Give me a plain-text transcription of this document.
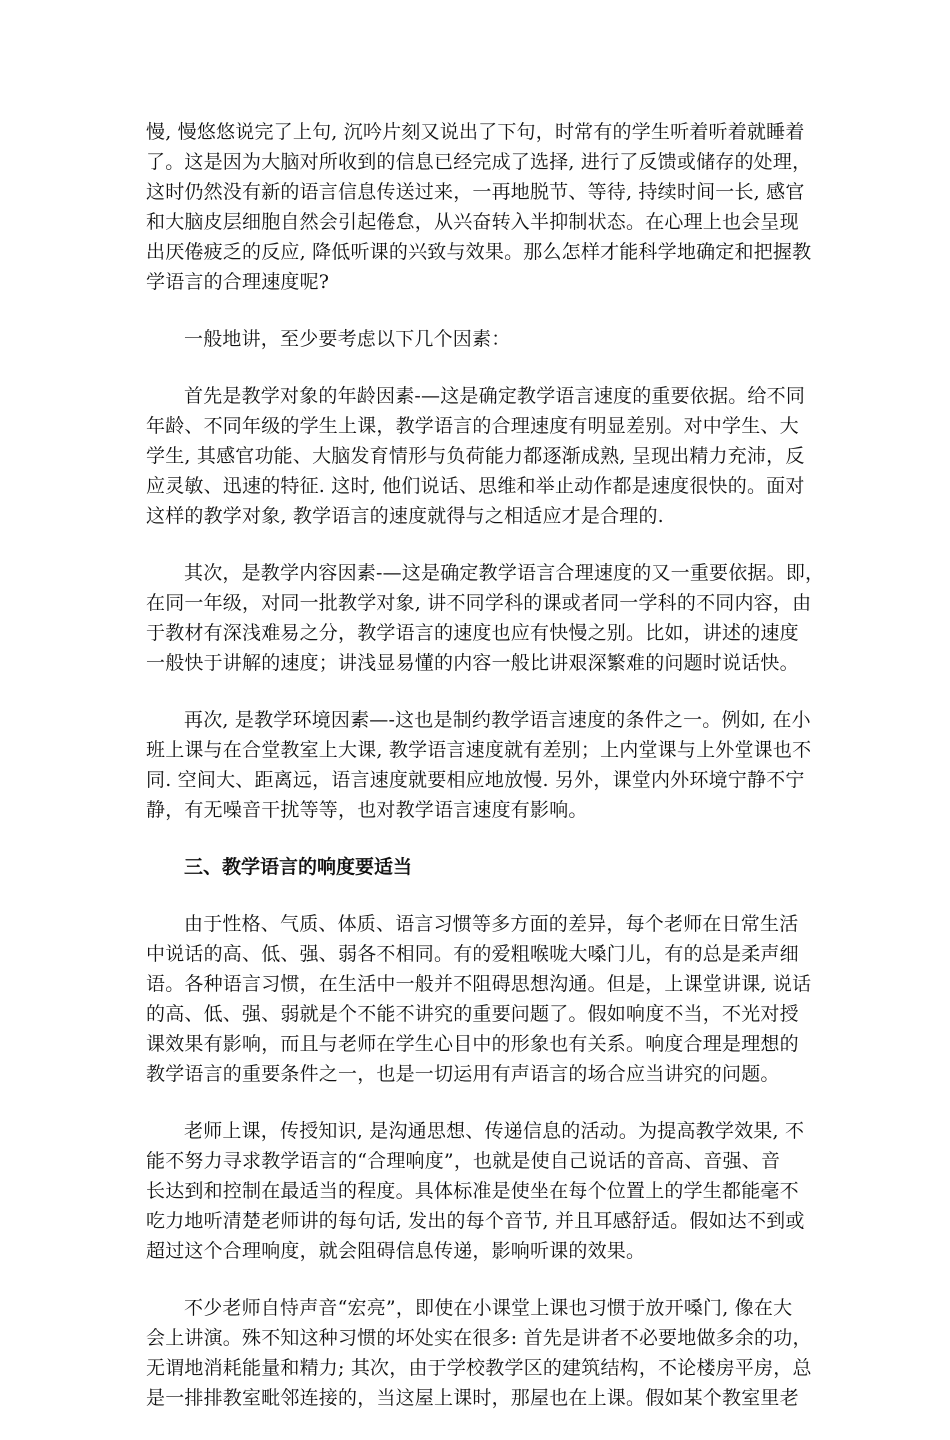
慢, 慢悠悠说完了上句, 沉吟片刻又说出了下句，时常有的学生听着听着就睡着
了。这是因为大脑对所收到的信息已经完成了选择, 进行了反馈或储存的处理，
这时仍然没有新的语言信息传送过来，一再地脱节、等待, 持续时间一长, 感官
和大脑皮层细胞自然会引起倦怠，从兴奋转入半抑制状态。在心理上也会呈现
出厌倦疲乏的反应, 降低听课的兴致与效果。那么怎样才能科学地确定和把握教
学语言的合理速度呢?

一般地讲，至少要考虑以下几个因素：

首先是教学对象的年龄因素-—这是确定教学语言速度的重要依据。给不同
年龄、不同年级的学生上课，教学语言的合理速度有明显差别。对中学生、大
学生, 其感官功能、大脑发育情形与负荷能力都逐渐成熟, 呈现出精力充沛，反
应灵敏、迅速的特征. 这时, 他们说话、思维和举止动作都是速度很快的。面对
这样的教学对象, 教学语言的速度就得与之相适应才是合理的.

其次，是教学内容因素-—这是确定教学语言合理速度的又一重要依据。即，
在同一年级，对同一批教学对象, 讲不同学科的课或者同一学科的不同内容，由
于教材有深浅难易之分，教学语言的速度也应有快慢之别。比如，讲述的速度
一般快于讲解的速度；讲浅显易懂的内容一般比讲艰深繁难的问题时说话快。

再次, 是教学环境因素—-这也是制约教学语言速度的条件之一。例如, 在小
班上课与在合堂教室上大课, 教学语言速度就有差别；上内堂课与上外堂课也不
同. 空间大、距离远，语言速度就要相应地放慢. 另外，课堂内外环境宁静不宁
静，有无噪音干扰等等，也对教学语言速度有影响。

三、教学语言的响度要适当

由于性格、气质、体质、语言习惯等多方面的差异，每个老师在日常生活
中说话的高、低、强、弱各不相同。有的爱粗喉咙大嗓门儿，有的总是柔声细
语。各种语言习惯，在生活中一般并不阻碍思想沟通。但是，上课堂讲课, 说话
的高、低、强、弱就是个不能不讲究的重要问题了。假如响度不当，不光对授
课效果有影响，而且与老师在学生心目中的形象也有关系。响度合理是理想的
教学语言的重要条件之一，也是一切运用有声语言的场合应当讲究的问题。

老师上课，传授知识, 是沟通思想、传递信息的活动。为提高教学效果, 不
能不努力寻求教学语言的“合理响度”，也就是使自己说话的音高、音强、音
长达到和控制在最适当的程度。具体标准是使坐在每个位置上的学生都能毫不
吃力地听清楚老师讲的每句话, 发出的每个音节, 并且耳感舒适。假如达不到或
超过这个合理响度，就会阻碍信息传递，影响听课的效果。

不少老师自恃声音“宏亮”，即使在小课堂上课也习惯于放开嗓门, 像在大
会上讲演。殊不知这种习惯的坏处实在很多: 首先是讲者不必要地做多余的功，
无谓地消耗能量和精力; 其次，由于学校教学区的建筑结构，不论楼房平房，总
是一排排教室毗邻连接的，当这屋上课时，那屋也在上课。假如某个教室里老
